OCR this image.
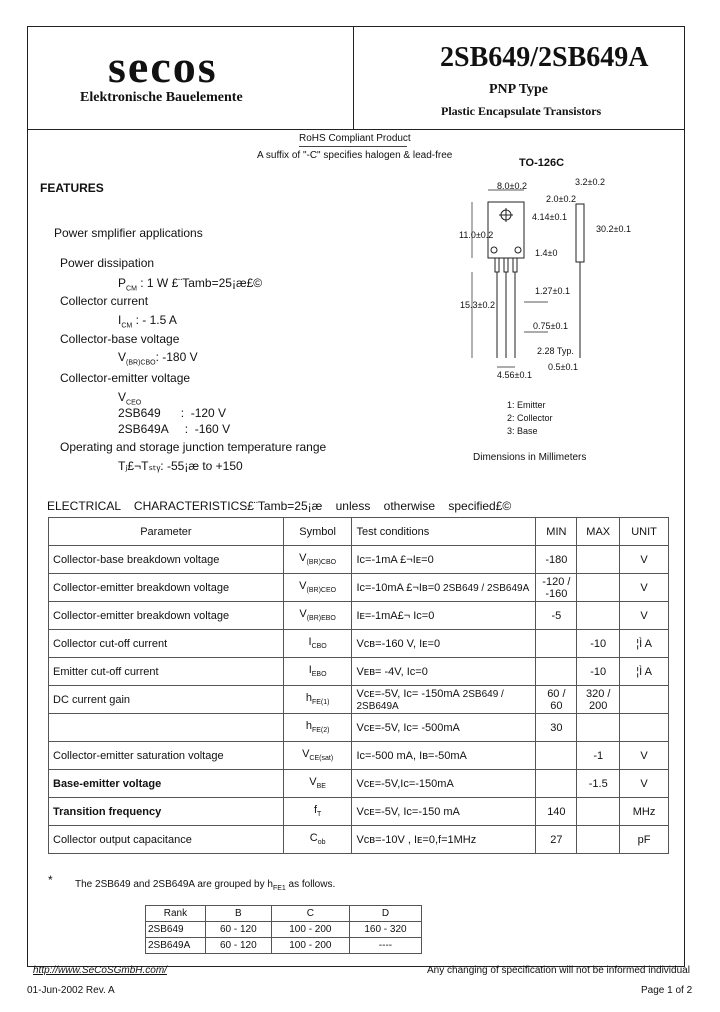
secos
Elektronische Bauelemente
2SB649/2SB649A
PNP Type
Plastic Encapsulate Transistors
RoHS Compliant Product
A suffix of "-C" specifies halogen & lead-free
FEATURES
Power smplifier applications
Power dissipation
$P_{CM}$ : 1 W £¨Tamb=25¡æ£©
Collector current
$I_{CM}$ : - 1.5 A
Collector-base voltage
$V_{(BR)CBO}$: -180 V
Collector-emitter voltage
$V_{CEO}$
2SB649      :  -120 V
2SB649A     :  -160 V
Operating and storage junction temperature range
Tⱼ£¬Tₛₜᵧ: -55¡æ to +150
TO-126C
8.0±0.2	3.2±0.2
2.0±0.2
4.14±0.1
11.0±0.2
30.2±0.1
1.4±0
1.27±0.1
15.3±0.2
0.75±0.1
2.28 Typ.
0.5±0.1
4.56±0.1
1: Emitter
2: Collector
3: Base
Dimensions in Millimeters
ELECTRICAL    CHARACTERISTICS£¨Tamb=25¡æ    unless    otherwise    specified£©
Parameter	Symbol	Test conditions	MIN	MAX	UNIT
Collector-base breakdown voltage	$V_{(BR)CBO}$	Iᴄ=-1mA £¬Iᴇ=0	-180		V
Collector-emitter breakdown voltage	$V_{(BR)CEO}$	Iᴄ=-10mA £¬Iʙ=0 2SB649 / 2SB649A	-120 / -160		V
Collector-emitter breakdown voltage	$V_{(BR)EBO}$	Iᴇ=-1mA£¬ Iᴄ=0	-5		V
Collector cut-off current	$I_{CBO}$	Vᴄʙ=-160 V, Iᴇ=0		-10	¦Ì A
Emitter cut-off current	$I_{EBO}$	Vᴇʙ= -4V, Iᴄ=0		-10	¦Ì A
DC current gain	$h_{FE(1)}$	Vᴄᴇ=-5V, Iᴄ= -150mA 2SB649 / 2SB649A	60 / 60	320 / 200	
	$h_{FE(2)}$	Vᴄᴇ=-5V, Iᴄ= -500mA	30		
Collector-emitter saturation voltage	$V_{CE(sat)}$	Iᴄ=-500 mA, Iʙ=-50mA		-1	V
Base-emitter voltage	$V_{BE}$	Vᴄᴇ=-5V,Iᴄ=-150mA		-1.5	V
Transition frequency	$f_T$	Vᴄᴇ=-5V, Iᴄ=-150 mA	140		MHz
Collector output capacitance	$C_{ob}$	Vᴄʙ=-10V , Iᴇ=0,f=1MHz	27		pF
* The 2SB649 and 2SB649A are grouped by $h_{FE1}$ as follows.
Rank	B	C	D
2SB649	60 - 120	100 - 200	160 - 320
2SB649A	60 - 120	100 - 200	----
http://www.SeCoSGmbH.com/	Any changing of specification will not be informed individual
01-Jun-2002 Rev. A	Page 1 of 2
